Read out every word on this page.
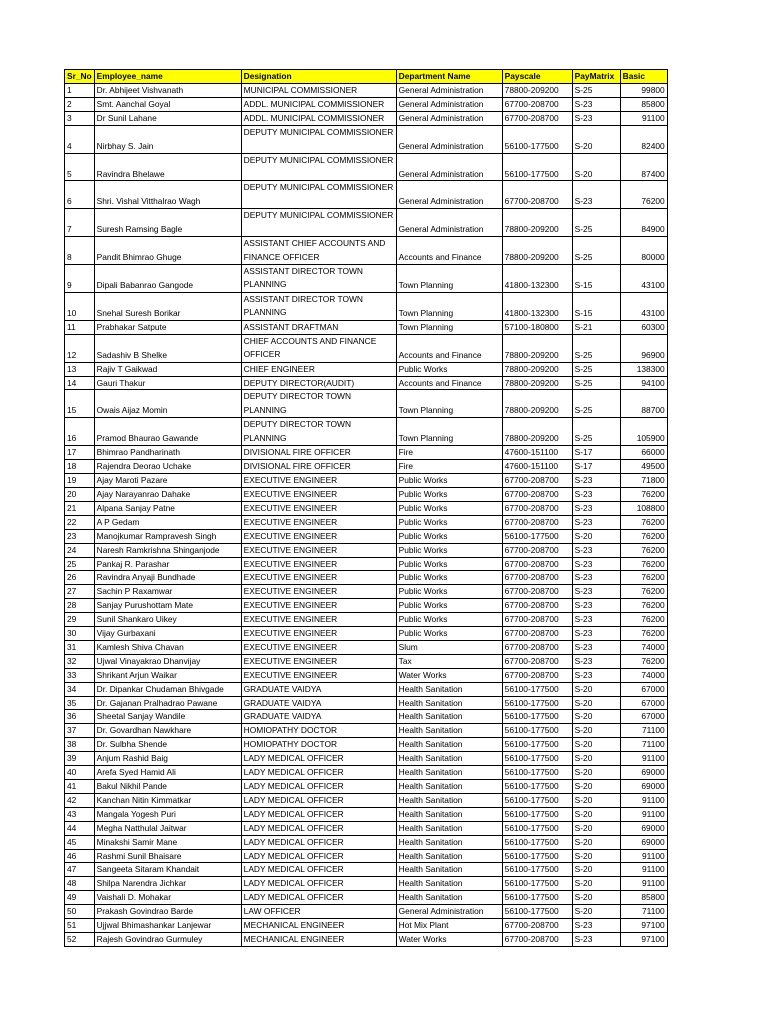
Sr_No	Employee_name	Designation	Department Name	Payscale	PayMatrix	Basic
1	Dr. Abhijeet Vishvanath	MUNICIPAL COMMISSIONER	General Administration	78800-209200	S-25	99800
2	Smt. Aanchal Goyal	ADDL. MUNICIPAL COMMISSIONER	General Administration	67700-208700	S-23	85800
3	Dr Sunil Lahane	ADDL. MUNICIPAL COMMISSIONER	General Administration	67700-208700	S-23	91100
4	Nirbhay S. Jain	DEPUTY MUNICIPAL COMMISSIONER	General Administration	56100-177500	S-20	82400
5	Ravindra Bhelawe	DEPUTY MUNICIPAL COMMISSIONER	General Administration	56100-177500	S-20	87400
6	Shri. Vishal Vitthalrao Wagh	DEPUTY MUNICIPAL COMMISSIONER	General Administration	67700-208700	S-23	76200
7	Suresh Ramsing Bagle	DEPUTY MUNICIPAL COMMISSIONER	General Administration	78800-209200	S-25	84900
8	Pandit Bhimrao Ghuge	ASSISTANT CHIEF ACCOUNTS AND FINANCE OFFICER	Accounts and Finance	78800-209200	S-25	80000
9	Dipali Babanrao Gangode	ASSISTANT DIRECTOR TOWN PLANNING	Town Planning	41800-132300	S-15	43100
10	Snehal Suresh Borikar	ASSISTANT DIRECTOR TOWN PLANNING	Town Planning	41800-132300	S-15	43100
11	Prabhakar Satpute	ASSISTANT DRAFTMAN	Town Planning	57100-180800	S-21	60300
12	Sadashiv B Shelke	CHIEF ACCOUNTS AND FINANCE OFFICER	Accounts and Finance	78800-209200	S-25	96900
13	Rajiv T Gaikwad	CHIEF ENGINEER	Public Works	78800-209200	S-25	138300
14	Gauri Thakur	DEPUTY DIRECTOR(AUDIT)	Accounts and Finance	78800-209200	S-25	94100
15	Owais Aijaz Momin	DEPUTY DIRECTOR TOWN PLANNING	Town Planning	78800-209200	S-25	88700
16	Pramod Bhaurao Gawande	DEPUTY DIRECTOR TOWN PLANNING	Town Planning	78800-209200	S-25	105900
17	Bhimrao Pandharinath	DIVISIONAL FIRE OFFICER	Fire	47600-151100	S-17	66000
18	Rajendra Deorao Uchake	DIVISIONAL FIRE OFFICER	Fire	47600-151100	S-17	49500
19	Ajay Maroti Pazare	EXECUTIVE ENGINEER	Public Works	67700-208700	S-23	71800
20	Ajay Narayanrao Dahake	EXECUTIVE ENGINEER	Public Works	67700-208700	S-23	76200
21	Alpana Sanjay Patne	EXECUTIVE ENGINEER	Public Works	67700-208700	S-23	108800
22	A P Gedam	EXECUTIVE ENGINEER	Public Works	67700-208700	S-23	76200
23	Manojkumar Rampravesh Singh	EXECUTIVE ENGINEER	Public Works	56100-177500	S-20	76200
24	Naresh Ramkrishna Shinganjode	EXECUTIVE ENGINEER	Public Works	67700-208700	S-23	76200
25	Pankaj R. Parashar	EXECUTIVE ENGINEER	Public Works	67700-208700	S-23	76200
26	Ravindra Anyaji Bundhade	EXECUTIVE ENGINEER	Public Works	67700-208700	S-23	76200
27	Sachin P Raxamwar	EXECUTIVE ENGINEER	Public Works	67700-208700	S-23	76200
28	Sanjay Purushottam Mate	EXECUTIVE ENGINEER	Public Works	67700-208700	S-23	76200
29	Sunil Shankaro Uikey	EXECUTIVE ENGINEER	Public Works	67700-208700	S-23	76200
30	Vijay Gurbaxani	EXECUTIVE ENGINEER	Public Works	67700-208700	S-23	76200
31	Kamlesh Shiva Chavan	EXECUTIVE ENGINEER	Slum	67700-208700	S-23	74000
32	Ujwal Vinayakrao Dhanvijay	EXECUTIVE ENGINEER	Tax	67700-208700	S-23	76200
33	Shrikant Arjun Waikar	EXECUTIVE ENGINEER	Water Works	67700-208700	S-23	74000
34	Dr. Dipankar Chudaman Bhivgade	GRADUATE VAIDYA	Health Sanitation	56100-177500	S-20	67000
35	Dr. Gajanan Pralhadrao Pawane	GRADUATE VAIDYA	Health Sanitation	56100-177500	S-20	67000
36	Sheetal Sanjay Wandile	GRADUATE VAIDYA	Health Sanitation	56100-177500	S-20	67000
37	Dr. Govardhan Nawkhare	HOMIOPATHY DOCTOR	Health Sanitation	56100-177500	S-20	71100
38	Dr. Sulbha Shende	HOMIOPATHY DOCTOR	Health Sanitation	56100-177500	S-20	71100
39	Anjum Rashid Baig	LADY MEDICAL OFFICER	Health Sanitation	56100-177500	S-20	91100
40	Arefa Syed Hamid Ali	LADY MEDICAL OFFICER	Health Sanitation	56100-177500	S-20	69000
41	Bakul Nikhil Pande	LADY MEDICAL OFFICER	Health Sanitation	56100-177500	S-20	69000
42	Kanchan Nitin Kimmatkar	LADY MEDICAL OFFICER	Health Sanitation	56100-177500	S-20	91100
43	Mangala Yogesh Puri	LADY MEDICAL OFFICER	Health Sanitation	56100-177500	S-20	91100
44	Megha Natthulal Jaitwar	LADY MEDICAL OFFICER	Health Sanitation	56100-177500	S-20	69000
45	Minakshi Samir Mane	LADY MEDICAL OFFICER	Health Sanitation	56100-177500	S-20	69000
46	Rashmi Sunil Bhaisare	LADY MEDICAL OFFICER	Health Sanitation	56100-177500	S-20	91100
47	Sangeeta Sitaram Khandait	LADY MEDICAL OFFICER	Health Sanitation	56100-177500	S-20	91100
48	Shilpa Narendra Jichkar	LADY MEDICAL OFFICER	Health Sanitation	56100-177500	S-20	91100
49	Vaishali D. Mohakar	LADY MEDICAL OFFICER	Health Sanitation	56100-177500	S-20	85800
50	Prakash Govindrao Barde	LAW OFFICER	General Administration	56100-177500	S-20	71100
51	Ujjwal Bhimashankar Lanjewar	MECHANICAL ENGINEER	Hot Mix Plant	67700-208700	S-23	97100
52	Rajesh Govindrao Gurmuley	MECHANICAL ENGINEER	Water Works	67700-208700	S-23	97100
